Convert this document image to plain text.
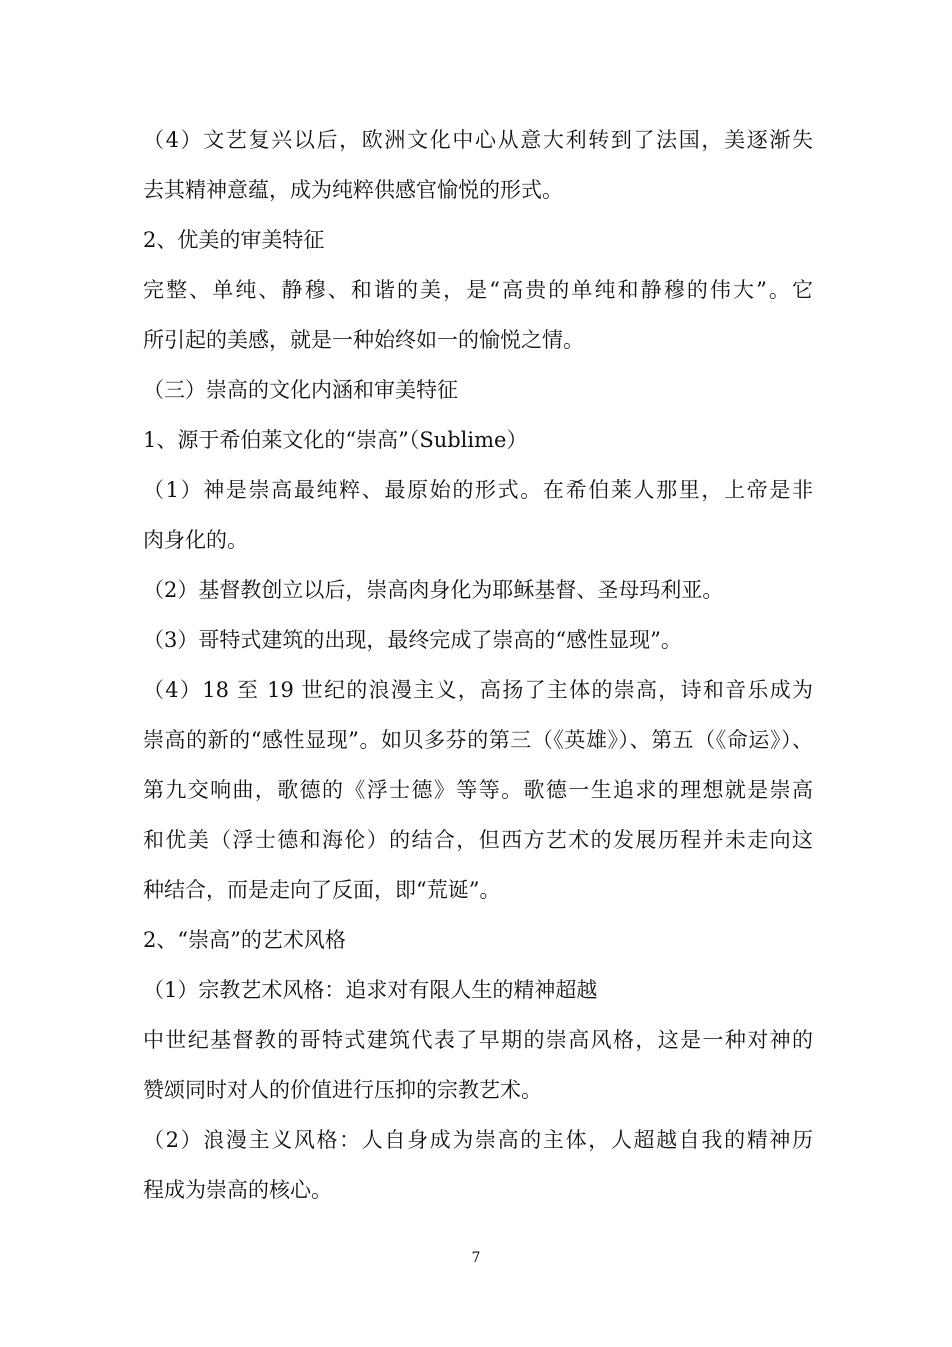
（4）文艺复兴以后，欧洲文化中心从意大利转到了法国，美逐渐失
去其精神意蕴，成为纯粹供感官愉悦的形式。
2、优美的审美特征
完整、单纯、静穆、和谐的美，是“高贵的单纯和静穆的伟大”。它
所引起的美感，就是一种始终如一的愉悦之情。
（三）崇高的文化内涵和审美特征
1、源于希伯莱文化的“崇高”（Sublime）
（1）神是崇高最纯粹、最原始的形式。在希伯莱人那里，上帝是非
肉身化的。
（2）基督教创立以后，崇高肉身化为耶稣基督、圣母玛利亚。
（3）哥特式建筑的出现，最终完成了崇高的“感性显现”。
（4）18 至 19 世纪的浪漫主义，高扬了主体的崇高，诗和音乐成为
崇高的新的“感性显现”。如贝多芬的第三（《英雄》）、第五（《命运》）、
第九交响曲，歌德的《浮士德》等等。歌德一生追求的理想就是崇高
和优美（浮士德和海伦）的结合，但西方艺术的发展历程并未走向这
种结合，而是走向了反面，即“荒诞”。
2、“崇高”的艺术风格
（1）宗教艺术风格：追求对有限人生的精神超越
中世纪基督教的哥特式建筑代表了早期的崇高风格，这是一种对神的
赞颂同时对人的价值进行压抑的宗教艺术。
（2）浪漫主义风格：人自身成为崇高的主体，人超越自我的精神历
程成为崇高的核心。
7
